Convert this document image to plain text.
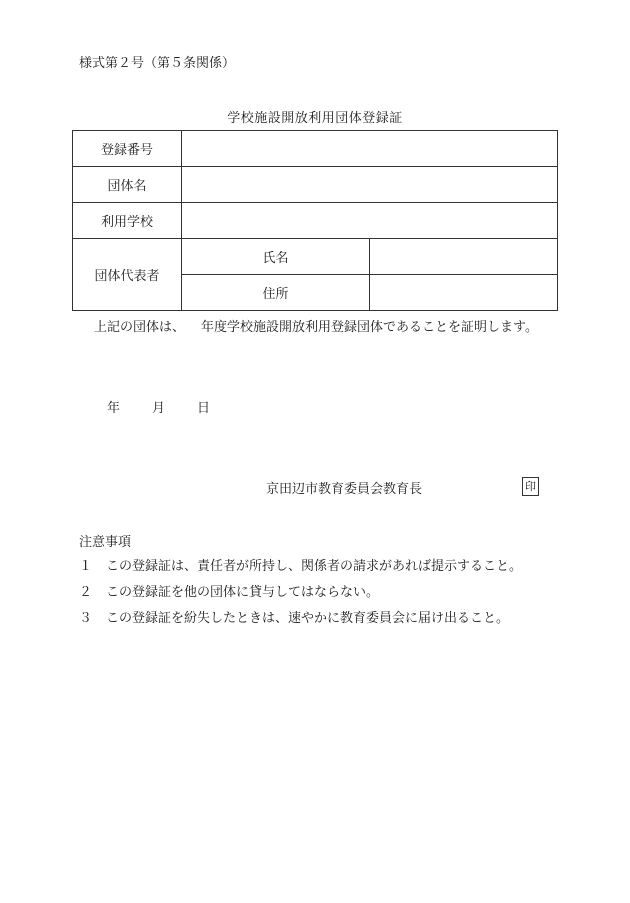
様式第２号（第５条関係）
学校施設開放利用団体登録証
登録番号		
団体名		
利用学校		
団体代表者	氏名	
	住所	
上記の団体は、 年度学校施設開放利用登録団体であることを証明します。
年 月 日
京田辺市教育委員会教育長	印
注意事項
１ この登録証は、責任者が所持し、関係者の請求があれば提示すること。
２ この登録証を他の団体に貸与してはならない。
３ この登録証を紛失したときは、速やかに教育委員会に届け出ること。
